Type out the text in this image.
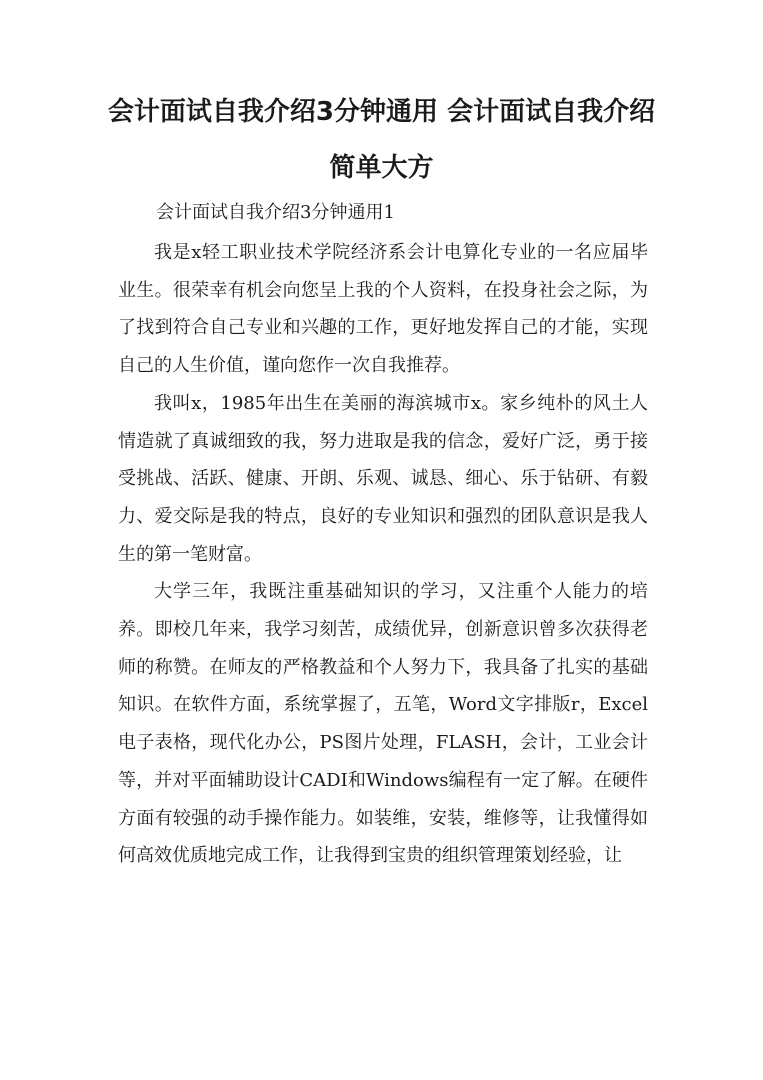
会计面试自我介绍3分钟通用 会计面试自我介绍简单大方

会计面试自我介绍3分钟通用1

我是x轻工职业技术学院经济系会计电算化专业的一名应届毕业生。很荣幸有机会向您呈上我的个人资料，在投身社会之际，为了找到符合自己专业和兴趣的工作，更好地发挥自己的才能，实现自己的人生价值，谨向您作一次自我推荐。

我叫x，1985年出生在美丽的海滨城市x。家乡纯朴的风土人情造就了真诚细致的我，努力进取是我的信念，爱好广泛，勇于接受挑战、活跃、健康、开朗、乐观、诚恳、细心、乐于钻研、有毅力、爱交际是我的特点，良好的专业知识和强烈的团队意识是我人生的第一笔财富。

大学三年，我既注重基础知识的学习，又注重个人能力的培养。即校几年来，我学习刻苦，成绩优异，创新意识曾多次获得老师的称赞。在师友的严格教益和个人努力下，我具备了扎实的基础知识。在软件方面，系统掌握了，五笔，Word文字排版r，Excel电子表格，现代化办公，PS图片处理，FLASH，会计，工业会计等，并对平面辅助设计CADI和Windows编程有一定了解。在硬件方面有较强的动手操作能力。如装维，安装，维修等，让我懂得如何高效优质地完成工作，让我得到宝贵的组织管理策划经验，让
